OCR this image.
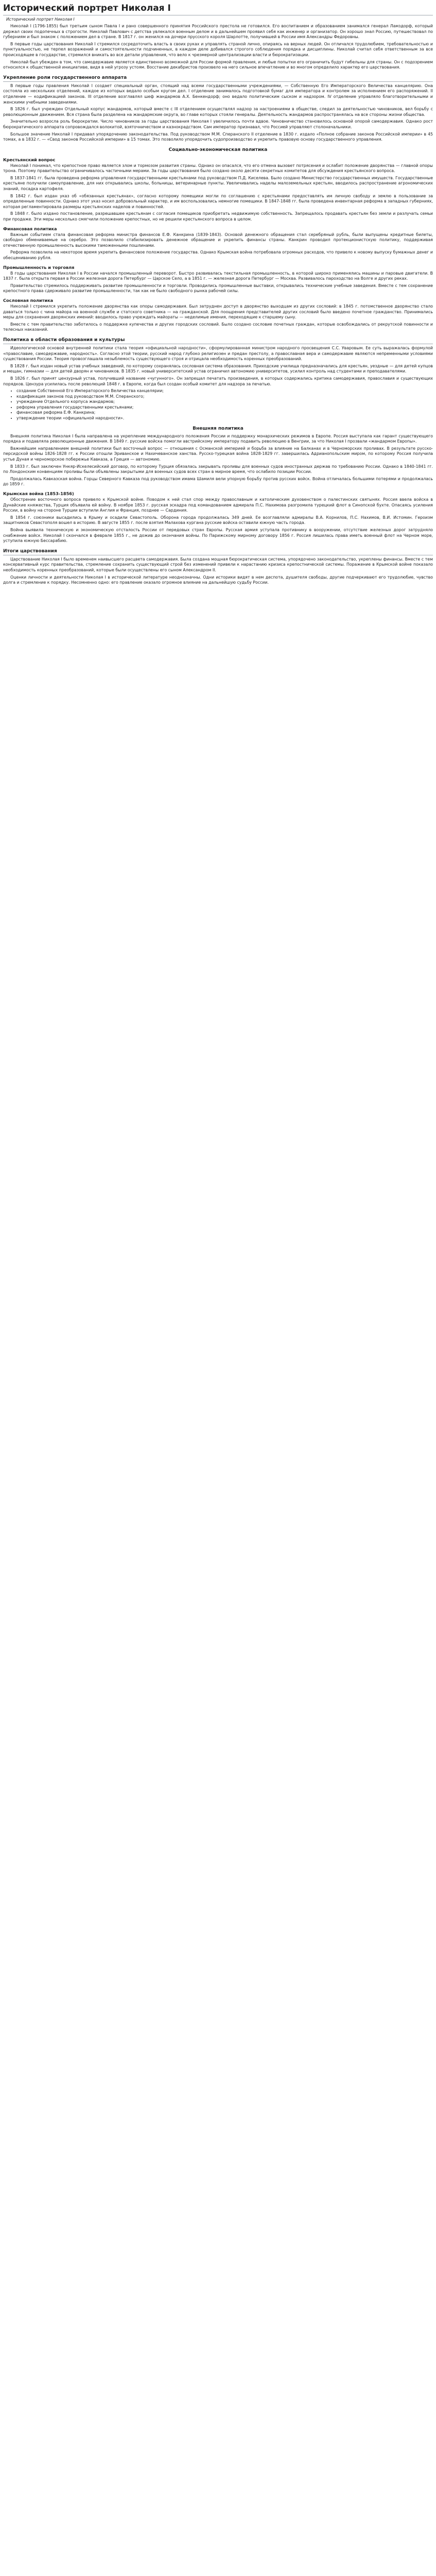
Исторический портрет Николая I
Исторический портрет Николая I

Николай I (1796-1855) был третьим сыном Павла I и рано совершенного принятия Российского престола не готовился. Его воспитанием и образованием занимался генерал Ламздорф, который держал своих подопечных в строгости. Николай Павлович с детства увлекался военным делом и в дальнейшем проявил себя как инженер и организатор. Он хорошо знал Россию, путешествовал по губерниям и был знаком с положением дел в стране. В 1817 г. он женился на дочери прусского короля Шарлотте, получившей в России имя Александры Федоровны.

В первые годы царствования Николай I стремился сосредоточить власть в своих руках и управлять страной лично, опираясь на верных людей. Он отличался трудолюбием, требовательностью и пунктуальностью, не терпел возражений и самостоятельности подчиненных, в каждом деле добивался строгого соблюдения порядка и дисциплины. Николай считал себя ответственным за все происходящее в государстве, стремился вникать во все детали управления, что вело к чрезмерной централизации власти и бюрократизации.

Николай был убежден в том, что самодержавие является единственно возможной для России формой правления, и любые попытки его ограничить будут гибельны для страны. Он с подозрением относился к общественной инициативе, видя в ней угрозу устоям. Восстание декабристов произвело на него сильное впечатление и во многом определило характер его царствования.

Укрепление роли государственного аппарата

В первые годы правления Николай I создает специальный орган, стоящий над всеми государственными учреждениями, — Собственную Его Императорского Величества канцелярию. Она состояла из нескольких отделений, каждое из которых ведало особым кругом дел. I отделение занималось подготовкой бумаг для императора и контролем за исполнением его распоряжений. II отделение — кодификацией законов. III отделение возглавлял шеф жандармов А.Х. Бенкендорф; оно ведало политическим сыском и надзором. IV отделение управляло благотворительными и женскими учебными заведениями.

В 1826 г. был учрежден Отдельный корпус жандармов, который вместе с III отделением осуществлял надзор за настроениями в обществе, следил за деятельностью чиновников, вел борьбу с революционным движением. Вся страна была разделена на жандармские округа, во главе которых стояли генералы. Деятельность жандармов распространялась на все стороны жизни общества.

Значительно возросла роль бюрократии. Число чиновников за годы царствования Николая I увеличилось почти вдвое. Чиновничество становилось основной опорой самодержавия. Однако рост бюрократического аппарата сопровождался волокитой, взяточничеством и казнокрадством. Сам император признавал, что Россией управляют столоначальники.

Большое значение Николай I придавал упорядочению законодательства. Под руководством М.М. Сперанского II отделение в 1830 г. издало «Полное собрание законов Российской империи» в 45 томах, а в 1832 г. — «Свод законов Российской империи» в 15 томах. Это позволило упорядочить судопроизводство и укрепить правовую основу государственного управления.

Социально-экономическая политика
Крестьянский вопрос

Николай I понимал, что крепостное право является злом и тормозом развития страны. Однако он опасался, что его отмена вызовет потрясения и ослабит положение дворянства — главной опоры трона. Поэтому правительство ограничивалось частичными мерами. За годы царствования было создано около десяти секретных комитетов для обсуждения крестьянского вопроса.

В 1837-1841 гг. была проведена реформа управления государственными крестьянами под руководством П.Д. Киселева. Было создано Министерство государственных имуществ. Государственные крестьяне получили самоуправление, для них открывались школы, больницы, ветеринарные пункты. Увеличивались наделы малоземельных крестьян, вводилось распространение агрономических знаний, посадка картофеля.

В 1842 г. был издан указ об «обязанных крестьянах», согласно которому помещики могли по соглашению с крестьянами предоставлять им личную свободу и землю в пользование за определенные повинности. Однако этот указ носил добровольный характер, и им воспользовались немногие помещики. В 1847-1848 гг. была проведена инвентарная реформа в западных губерниях, которая регламентировала размеры крестьянских наделов и повинностей.

В 1848 г. было издано постановление, разрешавшее крестьянам с согласия помещиков приобретать недвижимую собственность. Запрещалось продавать крестьян без земли и разлучать семьи при продаже. Эти меры несколько смягчили положение крепостных, но не решили крестьянского вопроса в целом.

Финансовая политика

Важным событием стала финансовая реформа министра финансов Е.Ф. Канкрина (1839-1843). Основой денежного обращения стал серебряный рубль, были выпущены кредитные билеты, свободно обмениваемые на серебро. Это позволило стабилизировать денежное обращение и укрепить финансы страны. Канкрин проводил протекционистскую политику, поддерживая отечественную промышленность высокими таможенными пошлинами.

Реформа позволила на некоторое время укрепить финансовое положение государства. Однако Крымская война потребовала огромных расходов, что привело к новому выпуску бумажных денег и обесцениванию рубля.

Промышленность и торговля

В годы царствования Николая I в России начался промышленный переворот. Быстро развивалась текстильная промышленность, в которой широко применялись машины и паровые двигатели. В 1837 г. была открыта первая в России железная дорога Петербург — Царское Село, а в 1851 г. — железная дорога Петербург — Москва. Развивалось пароходство на Волге и других реках.

Правительство стремилось поддерживать развитие промышленности и торговли. Проводились промышленные выставки, открывались технические учебные заведения. Вместе с тем сохранение крепостного права сдерживало развитие промышленности, так как не было свободного рынка рабочей силы.

Сословная политика

Николай I стремился укрепить положение дворянства как опоры самодержавия. Был затруднен доступ в дворянство выходцам из других сословий: в 1845 г. потомственное дворянство стало даваться только с чина майора на военной службе и статского советника — на гражданской. Для поощрения представителей других сословий было введено почетное гражданство. Принимались меры для сохранения дворянских имений: вводилось право учреждать майораты — неделимые имения, переходящие к старшему сыну.

Вместе с тем правительство заботилось о поддержке купечества и других городских сословий. Было создано сословие почетных граждан, которые освобождались от рекрутской повинности и телесных наказаний.

Политика в области образования и культуры

Идеологической основой внутренней политики стала теория «официальной народности», сформулированная министром народного просвещения С.С. Уваровым. Ее суть выражалась формулой «православие, самодержавие, народность». Согласно этой теории, русский народ глубоко религиозен и предан престолу, а православная вера и самодержавие являются непременными условиями существования России. Теория провозглашала незыблемость существующего строя и отрицала необходимость коренных преобразований.

В 1828 г. был издан новый устав учебных заведений, по которому сохранялась сословная система образования. Приходские училища предназначались для крестьян, уездные — для детей купцов и мещан, гимназии — для детей дворян и чиновников. В 1835 г. новый университетский устав ограничил автономию университетов, усилил контроль над студентами и преподавателями.

В 1826 г. был принят цензурный устав, получивший название «чугунного». Он запрещал печатать произведения, в которых содержались критика самодержавия, православия и существующих порядков. Цензура усилилась после революций 1848 г. в Европе, когда был создан особый комитет для надзора за печатью.

• создание Собственной Его Императорского Величества канцелярии;
• кодификация законов под руководством М.М. Сперанского;
• учреждение Отдельного корпуса жандармов;
• реформа управления государственными крестьянами;
• финансовая реформа Е.Ф. Канкрина;
• утверждение теории «официальной народности».
Внешняя политика

Внешняя политика Николая I была направлена на укрепление международного положения России и поддержку монархических режимов в Европе. Россия выступала как гарант существующего порядка и подавляла революционные движения. В 1849 г. русские войска помогли австрийскому императору подавить революцию в Венгрии, за что Николая I прозвали «жандармом Европы».

Важнейшим направлением внешней политики был восточный вопрос — отношения с Османской империей и борьба за влияние на Балканах и в Черноморских проливах. В результате русско-персидской войны 1826-1828 гг. к России отошли Эриванское и Нахичеванское ханства. Русско-турецкая война 1828-1829 гг. завершилась Адрианопольским миром, по которому Россия получила устье Дуная и черноморское побережье Кавказа, а Греция — автономию.

В 1833 г. был заключен Ункяр-Искелесийский договор, по которому Турция обязалась закрывать проливы для военных судов иностранных держав по требованию России. Однако в 1840-1841 гг. по Лондонским конвенциям проливы были объявлены закрытыми для военных судов всех стран в мирное время, что ослабило позиции России.

Продолжалась Кавказская война. Горцы Северного Кавказа под руководством имама Шамиля вели упорную борьбу против русских войск. Война отличалась большими потерями и продолжалась до 1859 г.

Крымская война (1853-1856)

Обострение восточного вопроса привело к Крымской войне. Поводом к ней стал спор между православным и католическим духовенством о палестинских святынях. Россия ввела войска в Дунайские княжества, Турция объявила ей войну. В ноябре 1853 г. русская эскадра под командованием адмирала П.С. Нахимова разгромила турецкий флот в Синопской бухте. Опасаясь усиления России, в войну на стороне Турции вступили Англия и Франция, позднее — Сардиния.

В 1854 г. союзники высадились в Крыму и осадили Севастополь. Оборона города продолжалась 349 дней. Ее возглавляли адмиралы В.А. Корнилов, П.С. Нахимов, В.И. Истомин. Героизм защитников Севастополя вошел в историю. В августе 1855 г. после взятия Малахова кургана русские войска оставили южную часть города.

Война выявила техническую и экономическую отсталость России от передовых стран Европы. Русская армия уступала противнику в вооружении, отсутствие железных дорог затрудняло снабжение войск. Николай I скончался в феврале 1855 г., не дожив до окончания войны. По Парижскому мирному договору 1856 г. Россия лишилась права иметь военный флот на Черном море, уступила южную Бессарабию.

Итоги царствования

Царствование Николая I было временем наивысшего расцвета самодержавия. Была создана мощная бюрократическая система, упорядочено законодательство, укреплены финансы. Вместе с тем консервативный курс правительства, стремление сохранить существующий строй без изменений привели к нарастанию кризиса крепостнической системы. Поражение в Крымской войне показало необходимость коренных преобразований, которые были осуществлены его сыном Александром II.

Оценки личности и деятельности Николая I в исторической литературе неоднозначны. Одни историки видят в нем деспота, душителя свободы, другие подчеркивают его трудолюбие, чувство долга и стремление к порядку. Несомненно одно: его правление оказало огромное влияние на дальнейшую судьбу России.
